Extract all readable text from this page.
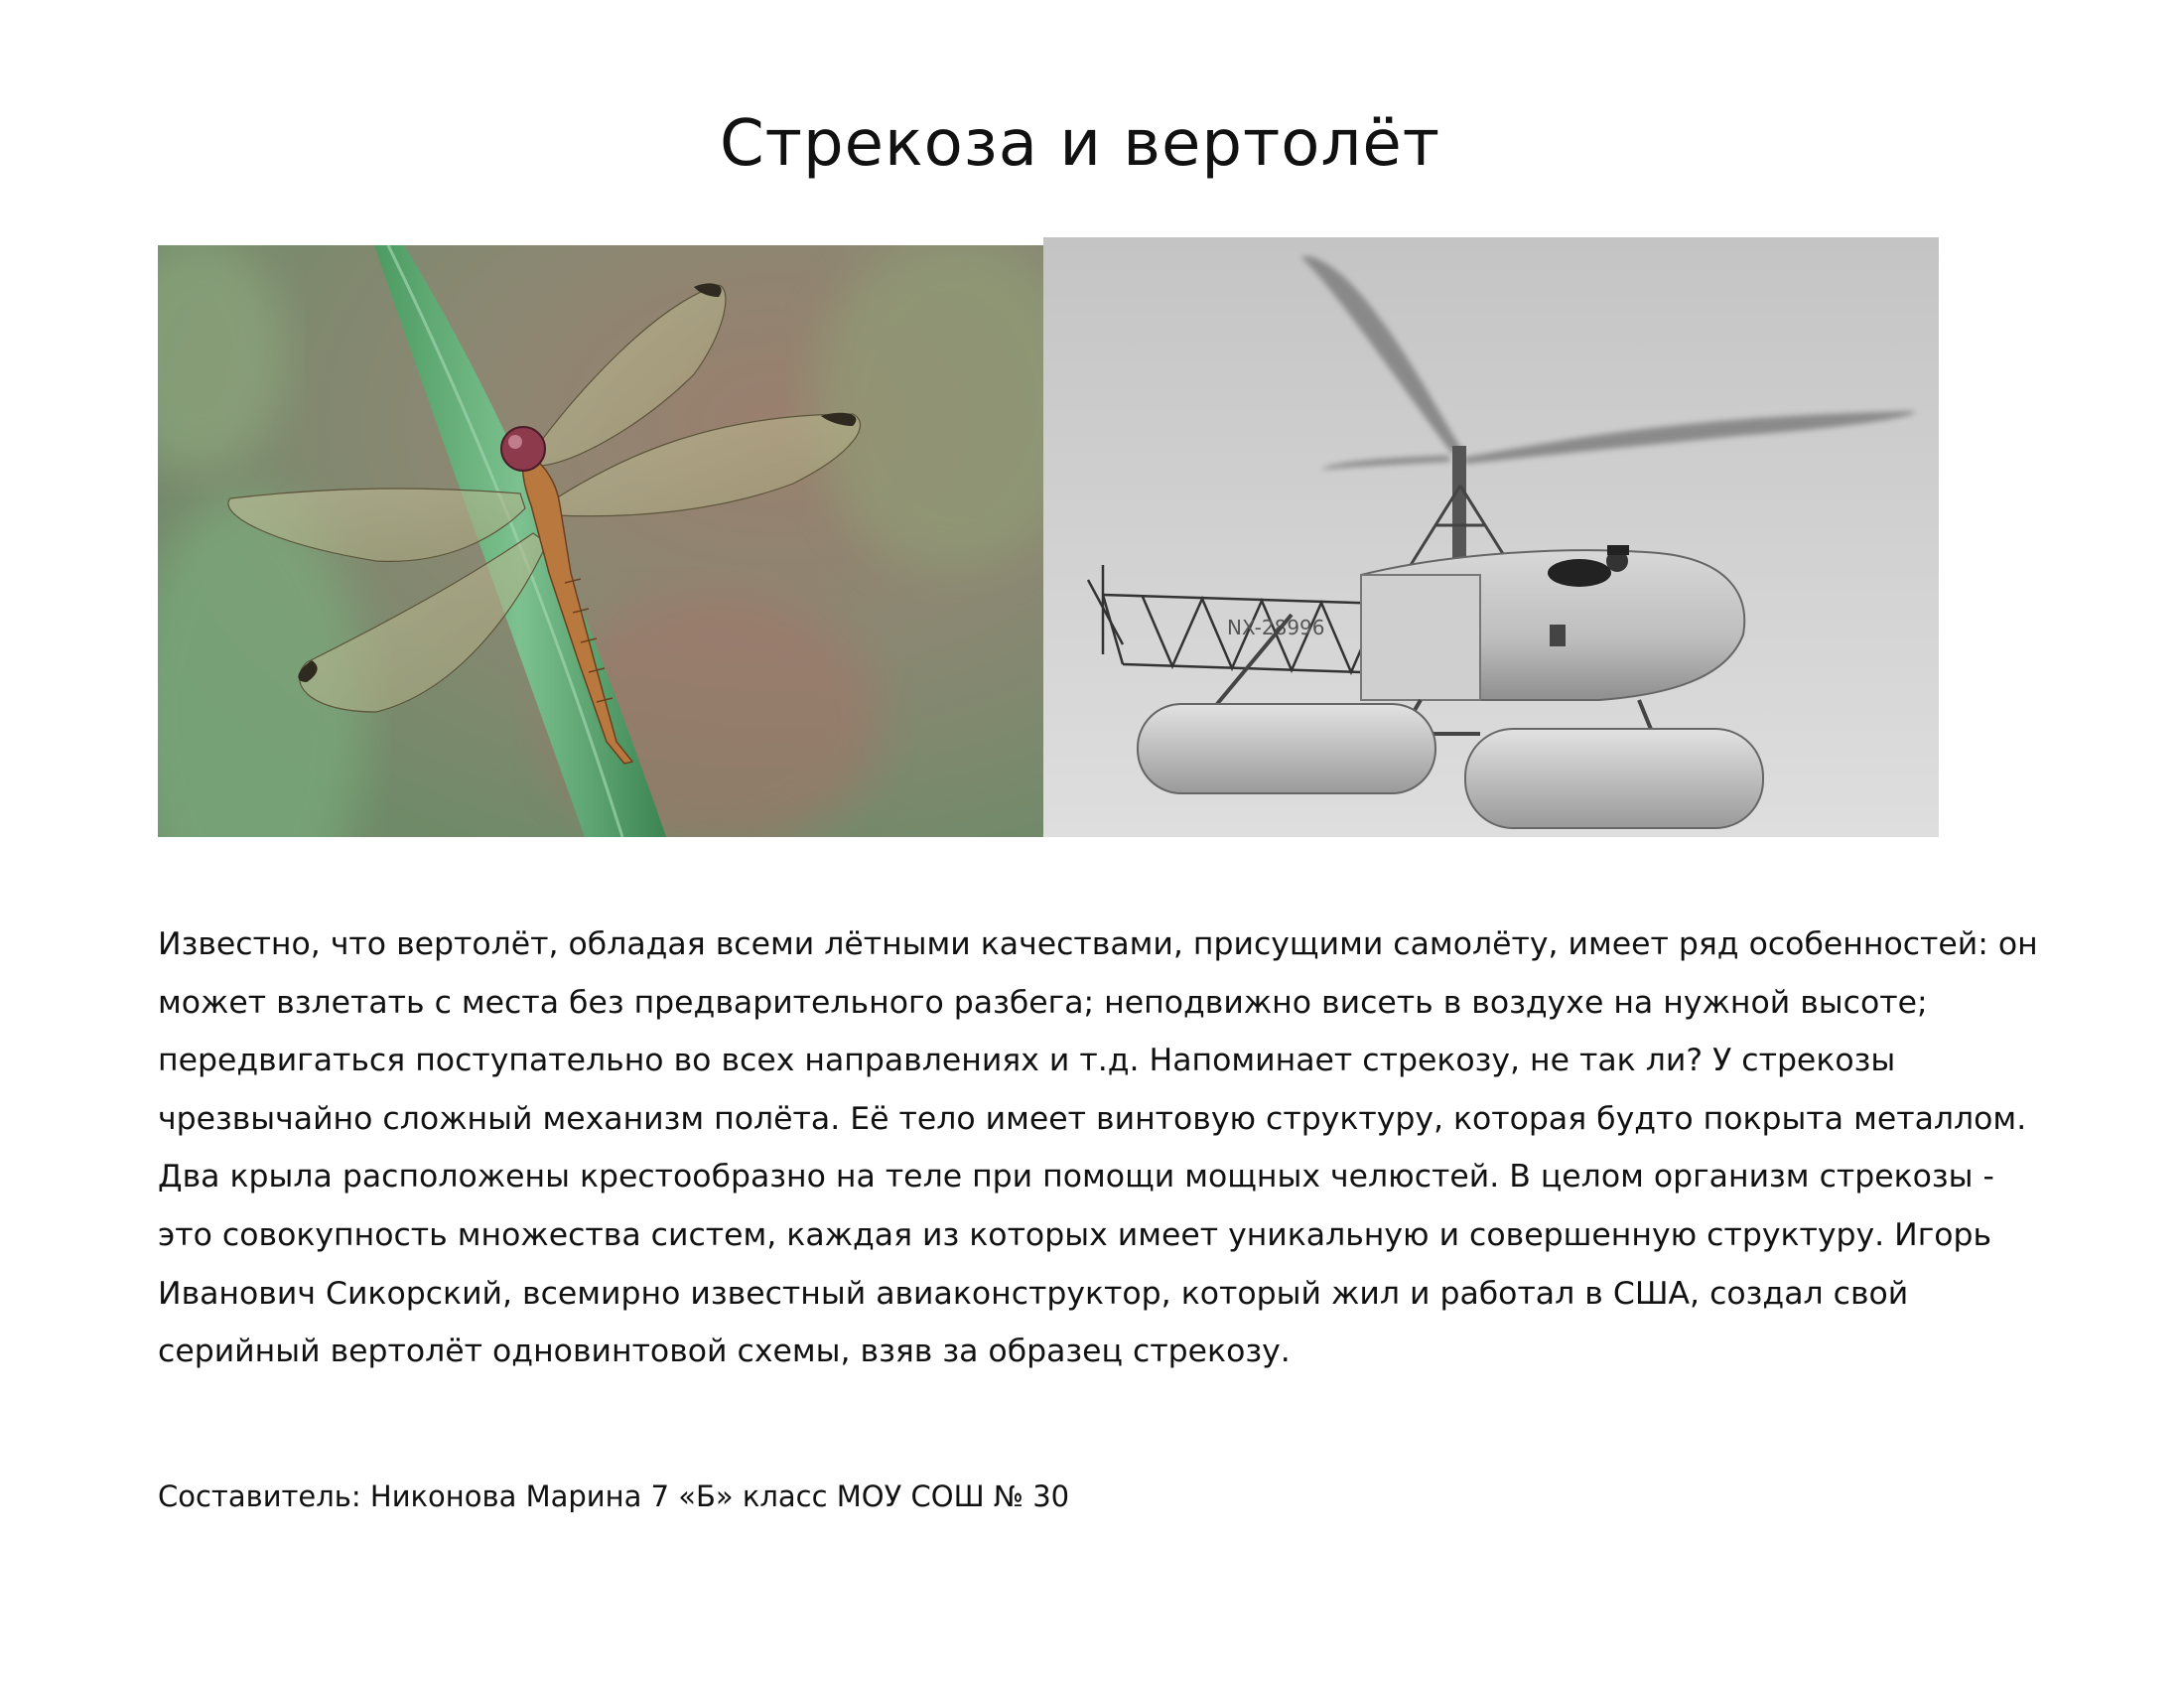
Стрекоза и вертолёт
NX-28996

Известно, что вертолёт, обладая всеми лётными качествами, присущими самолёту, имеет ряд особенностей: он может взлетать с места без предварительного разбега; неподвижно висеть в воздухе на нужной высоте; передвигаться поступательно во всех направлениях и т.д. Напоминает стрекозу, не так ли? У стрекозы чрезвычайно сложный механизм полёта. Её тело имеет винтовую структуру, которая будто покрыта металлом. Два крыла расположены крестообразно на теле при помощи мощных челюстей. В целом организм стрекозы - это совокупность множества систем, каждая из которых имеет уникальную и совершенную структуру. Игорь Иванович Сикорский, всемирно известный авиаконструктор, который жил и работал в США, создал свой серийный вертолёт одновинтовой схемы, взяв за образец стрекозу.

Составитель: Никонова Марина 7 «Б» класс МОУ СОШ № 30
